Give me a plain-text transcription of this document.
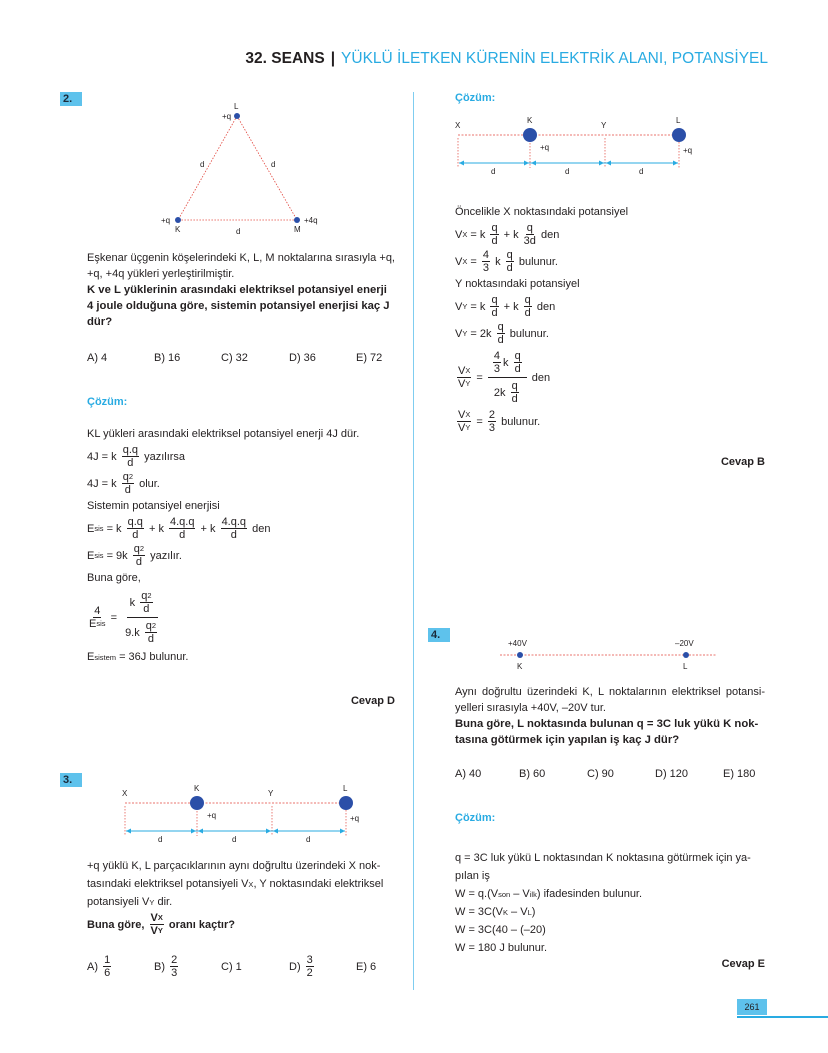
32. SEANS | YÜKLÜ İLETKEN KÜRENİN ELEKTRİK ALANI, POTANSİYEL
2.
L
+q
K
+q
M
+4q
d	d
d
Eşkenar üçgenin köşelerindeki K, L, M noktalarına sırasıyla +q, +q, +4q yükleri yerleştirilmiştir.
K ve L yüklerinin arasındaki elektriksel potansiyel enerji 4 joule olduğuna göre, sistemin potansiyel enerjisi kaç J dür?
A) 4	B) 16	C) 32	D) 36	E) 72
Çözüm:
KL yükleri arasındaki elektriksel potansiyel enerji 4J dür.
4J = k $\frac{q.q}{d}$ yazılırsa
4J = k $\frac{q 2}{d}$ olur.
Sistemin potansiyel enerjisi
E sis = k $\frac{q.q}{d} + k \frac{4.q.q}{d} + k \frac{4.q.q}{d}$ den
E sis = $9k \frac{q 2}{d}$ yazılır.
Buna göre,
4
E sis = $\frac{k \frac{q 2}{d}}{9.k \frac{q 2}{d}}$
E sistem = 36J bulunur.
Cevap D
3.
X
K
Y
L
+q	+q
d	d	d
+q yüklü K, L parçacıklarının aynı doğrultu üzerindeki X nok-
tasındaki elektriksel potansiyeli V X , Y noktasındaki elektriksel
potansiyeli V Y dir.
Buna göre, $\frac{\text{V X}}{\text{V Y}}$ oranı kaçtır?
$A) \frac{1}{6}$	$B) \frac{2}{3}$	C) 1	$D) \frac{3}{2}$	E) 6
Çözüm:
X
K
Y
L
+q	+q
d	d	d
Öncelikle X noktasındaki potansiyel
V X = k $\frac{q}{d} + k \frac{q}{3d}$ den
V $X = \frac{4}{3}$ k $\frac{q}{d}$ bulunur.
Y noktasındaki potansiyel
V Y = k $\frac{q}{d} + k \frac{q}{d}$ den
V $Y = 2k \frac{q}{d}$ bulunur.
$\frac{\text{V X}}{\text{V Y}} = \frac{\frac{4}{3} k \frac{q}{d}}{2k \frac{q}{d}}$ den
$\frac{\text{V X}}{\text{V Y}} = \frac{2}{3}$ bulunur.
Cevap B
4.
+40V	–20V
K	L
Aynı doğrultu üzerindeki K, L noktalarının elektriksel potansi-yelleri sırasıyla +40V, –20V tur.
Buna göre, L noktasında bulunan q = 3C luk yükü K nok-tasına götürmek için yapılan iş kaç J dür?
A) 40	B) 60	C) 90	D) 120	E) 180
Çözüm:
q = 3C luk yükü L noktasından K noktasına götürmek için ya-
pılan iş
W = q.(V son – V ilk ) ifadesinden bulunur.
W = 3C(V K – V L )
W = 3C(40 – (–20)
W = 180 J bulunur.
Cevap E
261
